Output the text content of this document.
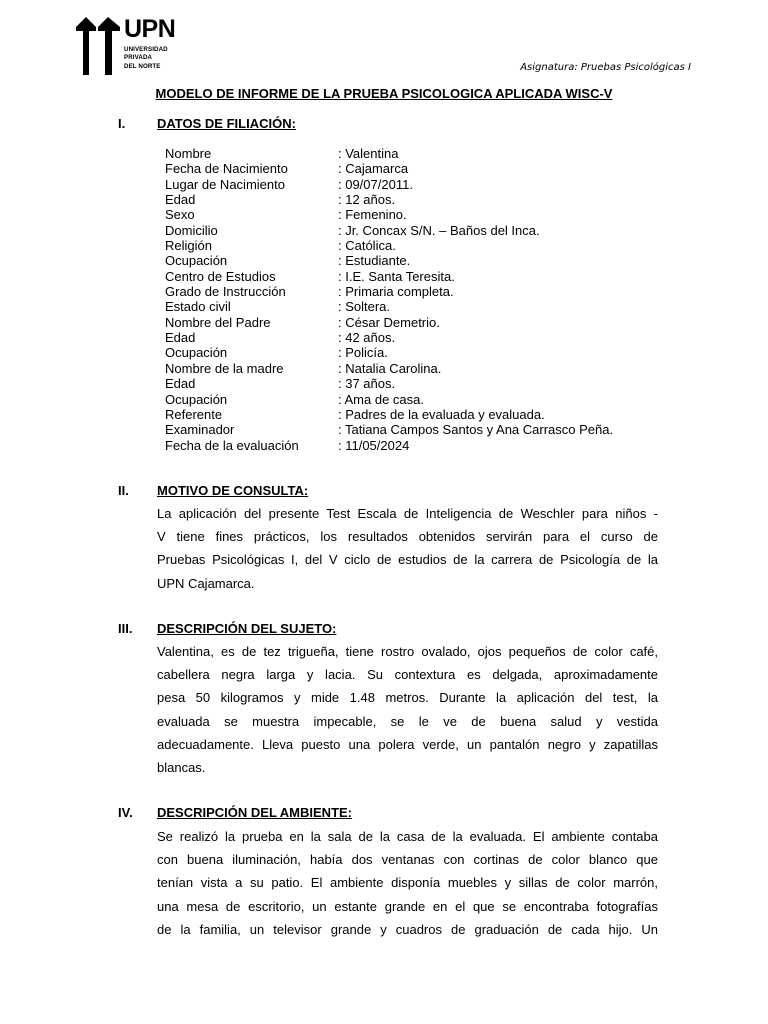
UPN
UNIVERSIDAD
PRIVADA
DEL NORTE	Asignatura: Pruebas Psicológicas I
MODELO DE INFORME DE LA PRUEBA PSICOLOGICA APLICADA WISC-V
I. DATOS DE FILIACIÓN:
Nombre	: Valentina
Fecha de Nacimiento	: Cajamarca
Lugar de Nacimiento	: 09/07/2011.
Edad	: 12 años.
Sexo	: Femenino.
Domicilio	: Jr. Concax S/N. – Baños del Inca.
Religión	: Católica.
Ocupación	: Estudiante.
Centro de Estudios	: I.E. Santa Teresita.
Grado de Instrucción	: Primaria completa.
Estado civil	: Soltera.
Nombre del Padre	: César Demetrio.
Edad	: 42 años.
Ocupación	: Policía.
Nombre de la madre	: Natalia Carolina.
Edad	: 37 años.
Ocupación	: Ama de casa.
Referente	: Padres de la evaluada y evaluada.
Examinador	: Tatiana Campos Santos y Ana Carrasco Peña.
Fecha de la evaluación	: 11/05/2024
II. MOTIVO DE CONSULTA:
La aplicación del presente Test Escala de Inteligencia de Weschler para niños -
V tiene fines prácticos, los resultados obtenidos servirán para el curso de
Pruebas Psicológicas I, del V ciclo de estudios de la carrera de Psicología de la
UPN Cajamarca.
III. DESCRIPCIÓN DEL SUJETO:
Valentina, es de tez trigueña, tiene rostro ovalado, ojos pequeños de color café,
cabellera negra larga y lacia. Su contextura es delgada, aproximadamente
pesa 50 kilogramos y mide 1.48 metros. Durante la aplicación del test, la
evaluada se muestra impecable, se le ve de buena salud y vestida
adecuadamente. Lleva puesto una polera verde, un pantalón negro y zapatillas
blancas.
IV. DESCRIPCIÓN DEL AMBIENTE:
Se realizó la prueba en la sala de la casa de la evaluada. El ambiente contaba
con buena iluminación, había dos ventanas con cortinas de color blanco que
tenían vista a su patio. El ambiente disponía muebles y sillas de color marrón,
una mesa de escritorio, un estante grande en el que se encontraba fotografías
de la familia, un televisor grande y cuadros de graduación de cada hijo. Un
